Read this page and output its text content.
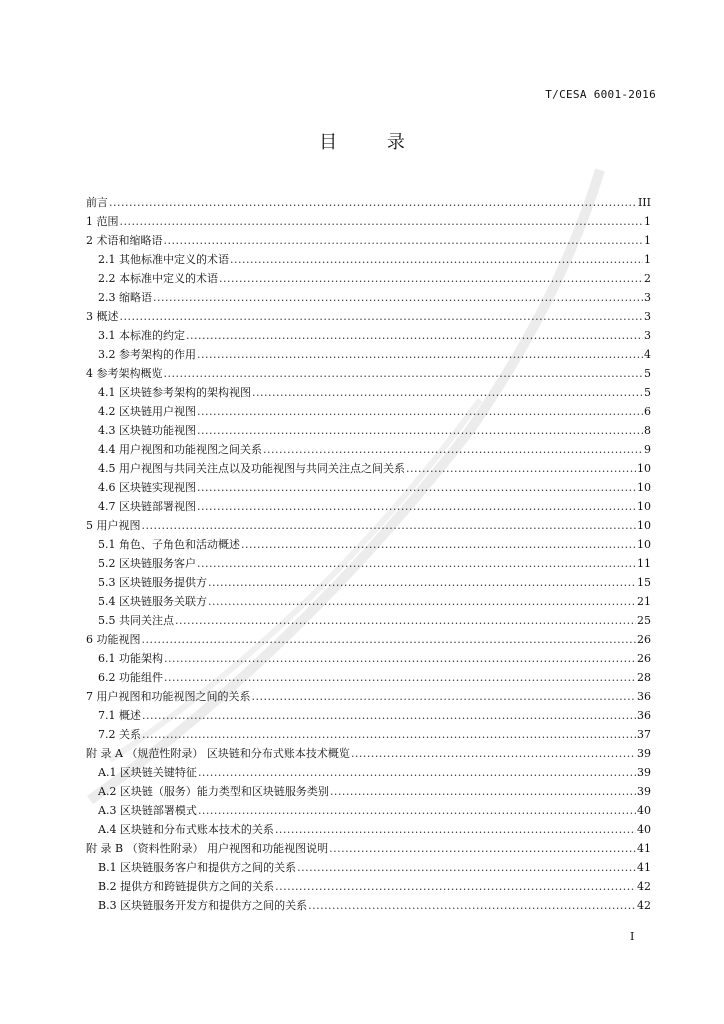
T/CESA 6001-2016
目 录
前言 .....	III
1 范围 .....	1
2 术语和缩略语 .....	1
2.1 其他标准中定义的术语 .....	1
2.2 本标准中定义的术语 .....	2
2.3 缩略语 .....	3
3 概述 .....	3
3.1 本标准的约定 .....	3
3.2 参考架构的作用 .....	4
4 参考架构概览 .....	5
4.1 区块链参考架构的架构视图 .....	5
4.2 区块链用户视图 .....	6
4.3 区块链功能视图 .....	8
4.4 用户视图和功能视图之间关系 .....	9
4.5 用户视图与共同关注点以及功能视图与共同关注点之间关系 .....	10
4.6 区块链实现视图 .....	10
4.7 区块链部署视图 .....	10
5 用户视图 .....	10
5.1 角色、子角色和活动概述 .....	10
5.2 区块链服务客户 .....	11
5.3 区块链服务提供方 .....	15
5.4 区块链服务关联方 .....	21
5.5 共同关注点 .....	25
6 功能视图 .....	26
6.1 功能架构 .....	26
6.2 功能组件 .....	28
7 用户视图和功能视图之间的关系 .....	36
7.1 概述 .....	36
7.2 关系 .....	37
附 录 A （规范性附录） 区块链和分布式账本技术概览 .....	39
A.1 区块链关键特征 .....	39
A.2 区块链（服务）能力类型和区块链服务类别 .....	39
A.3 区块链部署模式 .....	40
A.4 区块链和分布式账本技术的关系 .....	40
附 录 B （资料性附录） 用户视图和功能视图说明 .....	41
B.1 区块链服务客户和提供方之间的关系 .....	41
B.2 提供方和跨链提供方之间的关系 .....	42
B.3 区块链服务开发方和提供方之间的关系 .....	42
I
